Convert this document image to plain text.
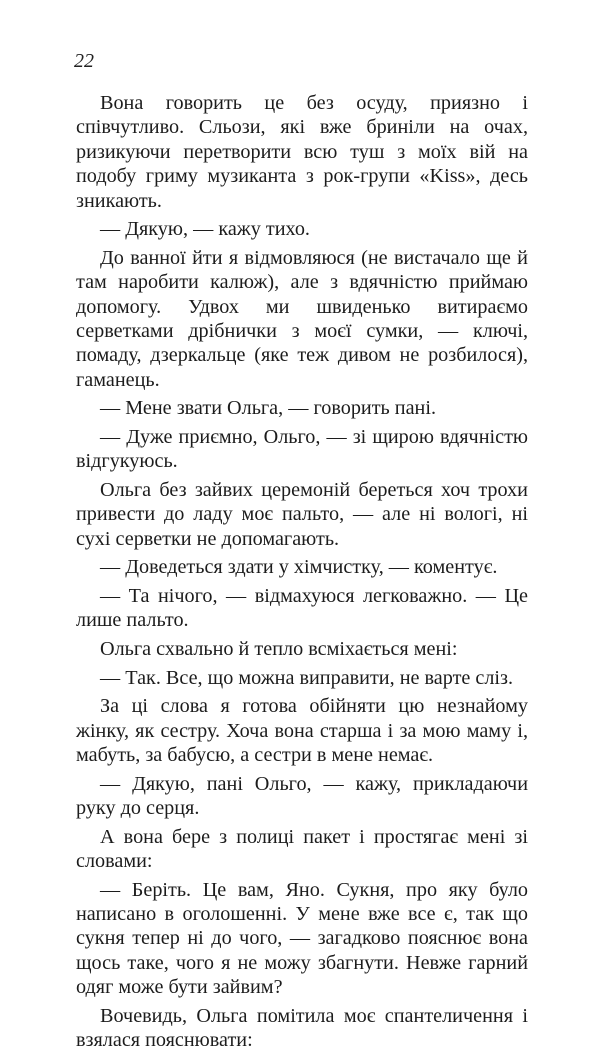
22

Вона говорить це без осуду, приязно і співчутливо. Сльози, які вже бриніли на очах, ризикуючи перетворити всю туш з моїх вій на подобу гриму музиканта з рок-групи «Kiss», десь зникають.

— Дякую, — кажу тихо.

До ванної йти я відмовляюся (не вистачало ще й там наробити калюж), але з вдячністю приймаю допомогу. Удвох ми швиденько витираємо серветками дрібнички з моєї сумки, — ключі, помаду, дзеркальце (яке теж дивом не розбилося), гаманець.

— Мене звати Ольга, — говорить пані.

— Дуже приємно, Ольго, — зі щирою вдячністю відгукуюсь.

Ольга без зайвих церемоній береться хоч трохи привести до ладу моє пальто, — але ні вологі, ні сухі серветки не допомагають.

— Доведеться здати у хімчистку, — коментує.

— Та нічого, — відмахуюся легковажно. — Це лише пальто.

Ольга схвально й тепло всміхається мені:

— Так. Все, що можна виправити, не варте сліз.

За ці слова я готова обійняти цю незнайому жінку, як сестру. Хоча вона старша і за мою маму і, мабуть, за бабусю, а сестри в мене немає.

— Дякую, пані Ольго, — кажу, прикладаючи руку до серця.

А вона бере з полиці пакет і простягає мені зі словами:

— Беріть. Це вам, Яно. Сукня, про яку було написано в оголошенні. У мене вже все є, так що сукня тепер ні до чого, — загадково пояснює вона щось таке, чого я не можу збагнути. Невже гарний одяг може бути зайвим?

Вочевидь, Ольга помітила моє спантеличення і взялася пояснювати:
